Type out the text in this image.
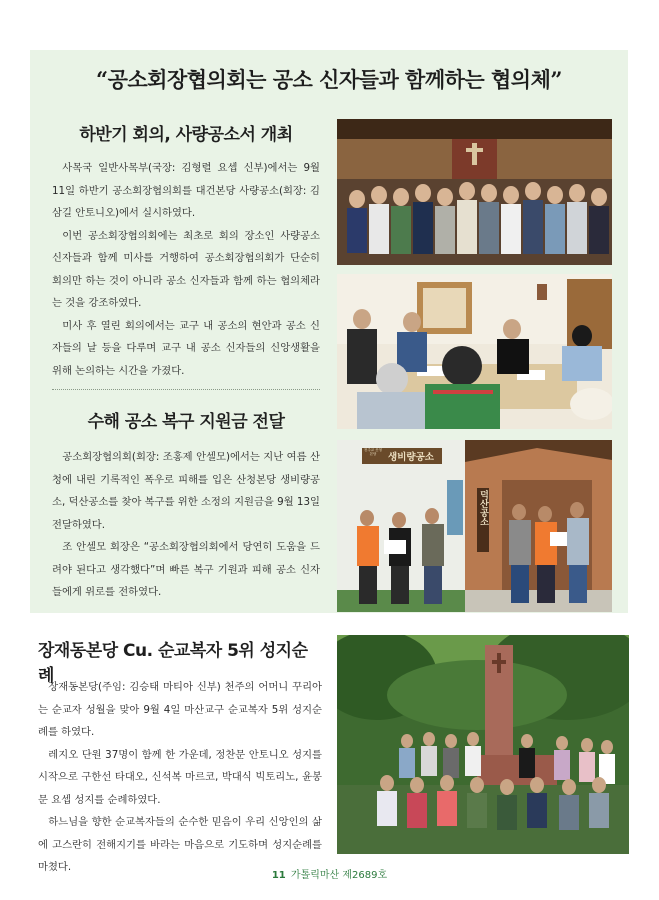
“공소회장협의회는 공소 신자들과 함께하는 협의체”
하반기 회의, 사량공소서 개최

사목국 일반사목부(국장: 김형렬 요셉 신부)에서는 9월 11일 하반기 공소회장협의회를 대건본당 사량공소(회장: 김삼길 안토니오)에서 실시하였다.

이번 공소회장협의회에는 최초로 회의 장소인 사량공소 신자들과 함께 미사를 거행하여 공소회장협의회가 단순히 회의만 하는 것이 아니라 공소 신자들과 함께 하는 협의체라는 것을 강조하였다.

미사 후 열린 회의에서는 교구 내 공소의 현안과 공소 신자들의 날 등을 다루며 교구 내 공소 신자들의 신앙생활을 위해 논의하는 시간을 가졌다.

수해 공소 복구 지원금 전달

공소회장협의회(회장: 조홍제 안셀모)에서는 지난 여름 산청에 내린 기록적인 폭우로 피해를 입은 산청본당 생비량공소, 덕산공소를 찾아 복구를 위한 소정의 지원금을 9월 13일 전달하였다.

조 안셀모 회장은 “공소회장협의회에서 당연히 도움을 드려야 된다고 생각했다”며 빠른 복구 기원과 피해 공소 신자들에게 위로를 전하였다.

장재동본당 Cu. 순교복자 5위 성지순례

장재동본당(주임: 김승태 마티아 신부) 천주의 어머니 꾸리아는 순교자 성월을 맞아 9월 4일 마산교구 순교복자 5위 성지순례를 하였다.

레지오 단원 37명이 함께 한 가운데, 정찬문 안토니오 성지를 시작으로 구한선 타대오, 신석복 마르코, 박대식 빅토리노, 윤봉문 요셉 성지를 순례하였다.

하느님을 향한 순교복자들의 순수한 믿음이 우리 신앙인의 삶에 고스란히 전해지기를 바라는 마음으로 기도하며 성지순례를 마쳤다.

천주교 산청본당	생비량공소
덕산공소
11 가톨릭마산 제2689호
